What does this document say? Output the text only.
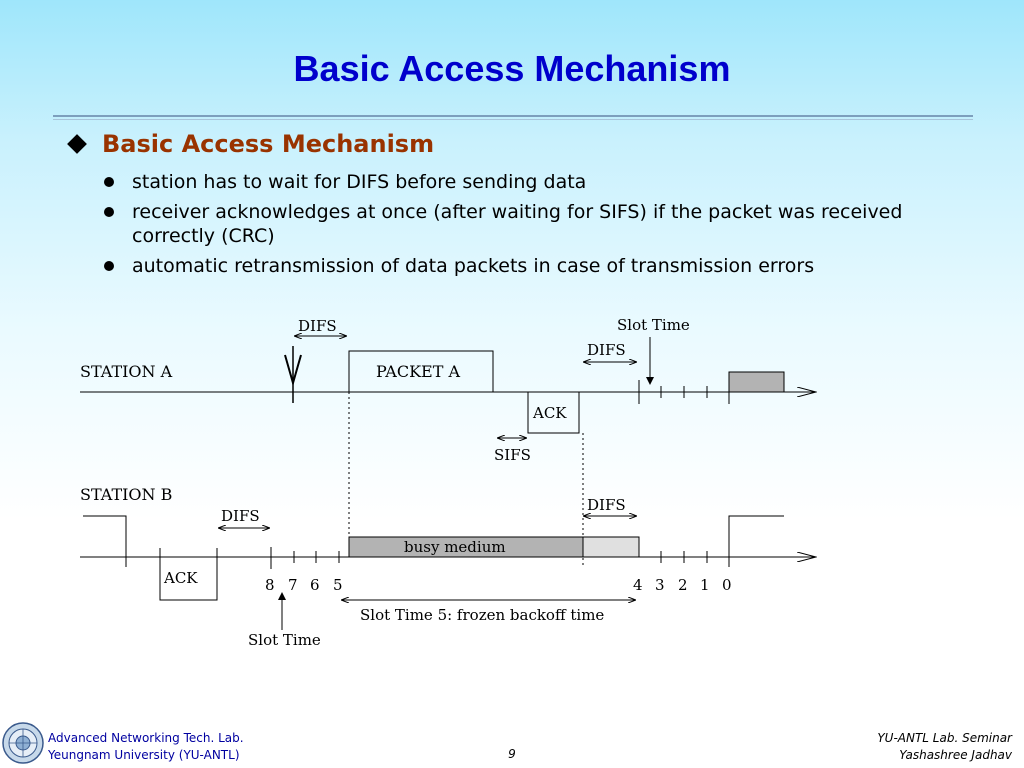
Basic Access Mechanism
Basic Access Mechanism
station has to wait for DIFS before sending data
receiver acknowledges at once (after waiting for SIFS) if the packet was received correctly (CRC)
automatic retransmission of data packets in case of transmission errors
STATION A
DIFS
PACKET A
SIFS
ACK
DIFS
Slot Time
STATION B
ACK
DIFS
busy medium
DIFS
8 7 6 5	4 3 2 1 0
Slot Time
Slot Time 5: frozen backoff time
Advanced Networking Tech. Lab.
Yeungnam University (YU-ANTL)	9
YU-ANTL Lab. Seminar
Yashashree Jadhav
